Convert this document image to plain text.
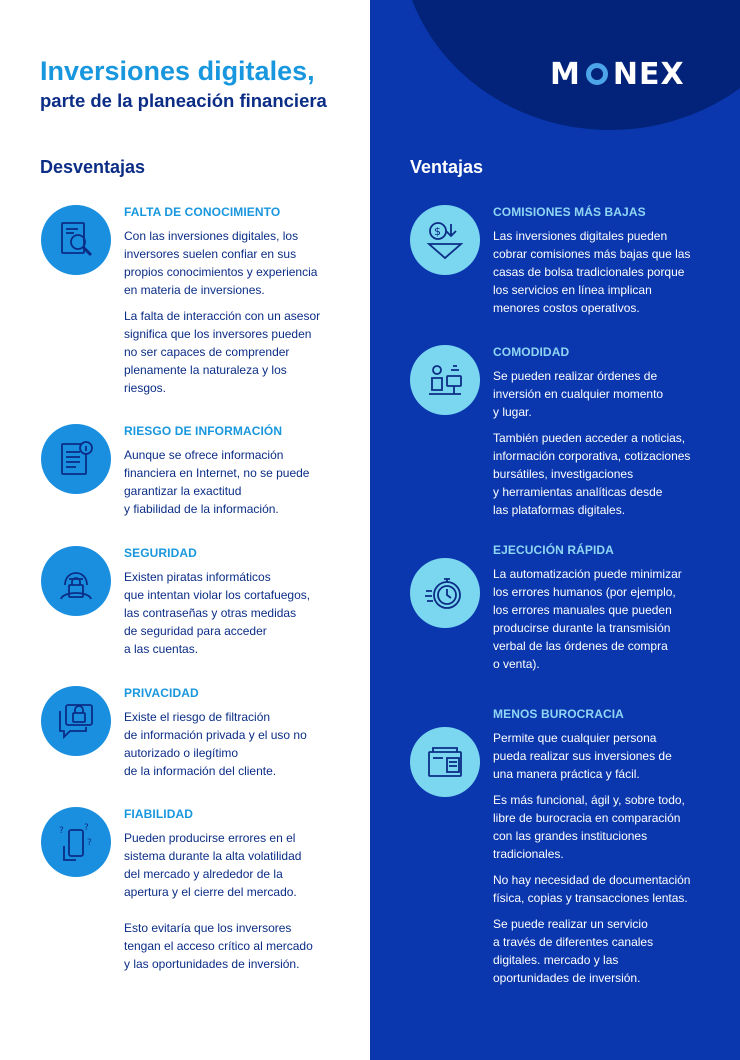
M NEX
Inversiones digitales,
parte de la planeación financiera
Desventajas	Ventajas
FALTA DE CONOCIMIENTO

Con las inversiones digitales, los
inversores suelen confiar en sus
propios conocimientos y experiencia
en materia de inversiones.

La falta de interacción con un asesor
significa que los inversores pueden
no ser capaces de comprender
plenamente la naturaleza y los
riesgos.

RIESGO DE INFORMACIÓN

Aunque se ofrece información
financiera en Internet, no se puede
garantizar la exactitud
y fiabilidad de la información.

SEGURIDAD

Existen piratas informáticos
que intentan violar los cortafuegos,
las contraseñas y otras medidas
de seguridad para acceder
a las cuentas.

PRIVACIDAD

Existe el riesgo de filtración
de información privada y el uso no
autorizado o ilegítimo
de la información del cliente.

? ?
?
FIABILIDAD

Pueden producirse errores en el
sistema durante la alta volatilidad
del mercado y alrededor de la
apertura y el cierre del mercado.

Esto evitaría que los inversores
tengan el acceso crítico al mercado
y las oportunidades de inversión.

$
COMISIONES MÁS BAJAS

Las inversiones digitales pueden
cobrar comisiones más bajas que las
casas de bolsa tradicionales porque
los servicios en línea implican
menores costos operativos.

COMODIDAD

Se pueden realizar órdenes de
inversión en cualquier momento
y lugar.

También pueden acceder a noticias,
información corporativa, cotizaciones
bursátiles, investigaciones
y herramientas analíticas desde
las plataformas digitales.

EJECUCIÓN RÁPIDA

La automatización puede minimizar
los errores humanos (por ejemplo,
los errores manuales que pueden
producirse durante la transmisión
verbal de las órdenes de compra
o venta).

MENOS BUROCRACIA

Permite que cualquier persona
pueda realizar sus inversiones de
una manera práctica y fácil.

Es más funcional, ágil y, sobre todo,
libre de burocracia en comparación
con las grandes instituciones
tradicionales.

No hay necesidad de documentación
física, copias y transacciones lentas.

Se puede realizar un servicio
a través de diferentes canales
digitales. mercado y las
oportunidades de inversión.
